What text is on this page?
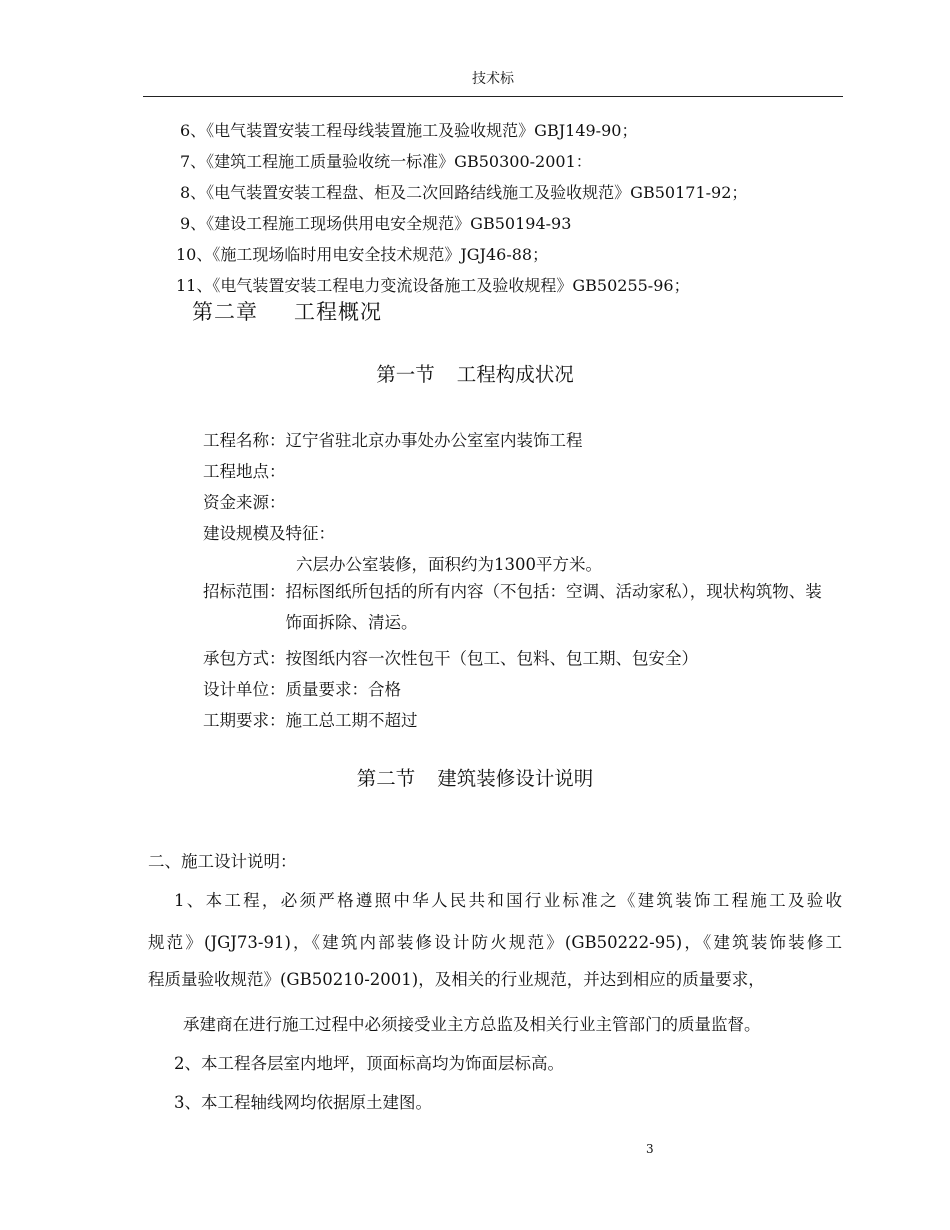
技术标
6、《电气装置安装工程母线装置施工及验收规范》GBJ149-90；
7、《建筑工程施工质量验收统一标准》GB50300-2001：
8、《电气装置安装工程盘、柜及二次回路结线施工及验收规范》GB50171-92；
9、《建设工程施工现场供用电安全规范》GB50194-93
10、《施工现场临时用电安全技术规范》JGJ46-88；
11、《电气装置安装工程电力变流设备施工及验收规程》GB50255-96；
第二章 工程概况
第一节 工程构成状况
工程名称： 辽宁省驻北京办事处办公室室内装饰工程
工程地点：
资金来源：
建设规模及特征：
六层办公室装修，面积约为1300平方米。
招标范围： 招标图纸所包括的所有内容（不包括：空调、活动家私），现状构筑物、装饰面拆除、清运。
承包方式： 按图纸内容一次性包干（包工、包料、包工期、包安全）
设计单位： 质量要求：合格
工期要求： 施工总工期不超过
第二节 建筑装修设计说明
二、施工设计说明：
1、本工程，必须严格遵照中华人民共和国行业标准之《建筑装饰工程施工及验收
规范》(JGJ73-91)，《建筑内部装修设计防火规范》(GB50222-95)，《建筑装饰装修工
程质量验收规范》(GB50210-2001)，及相关的行业规范，并达到相应的质量要求，
承建商在进行施工过程中必须接受业主方总监及相关行业主管部门的质量监督。
2、本工程各层室内地坪，顶面标高均为饰面层标高。
3、本工程轴线网均依据原土建图。
3
